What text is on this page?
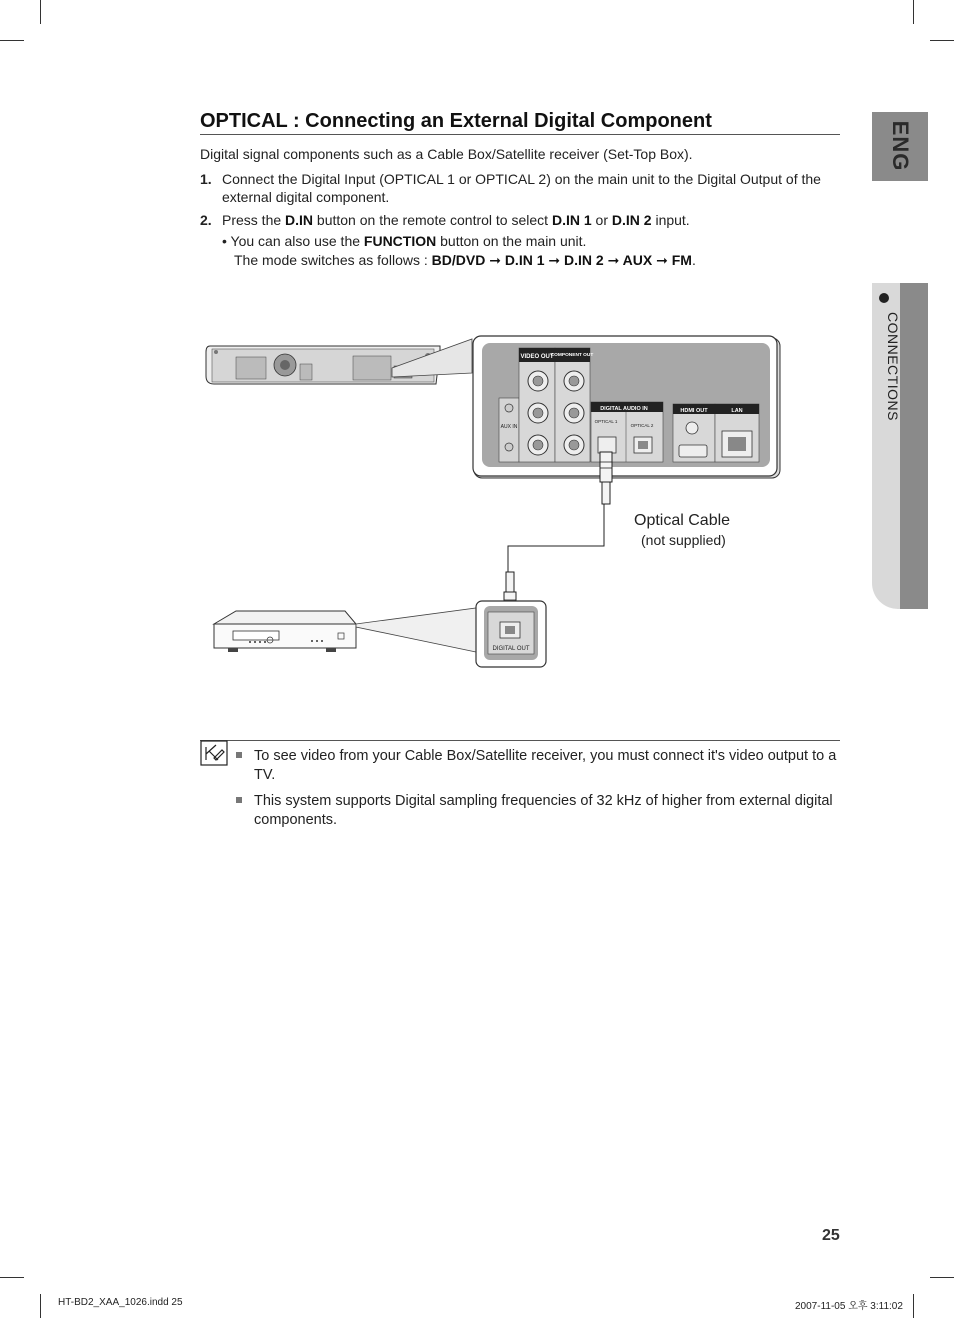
ENG
CONNECTIONS
OPTICAL : Connecting an External Digital Component

Digital signal components such as a Cable Box/Satellite receiver (Set-Top Box).

1. Connect the Digital Input (OPTICAL 1 or OPTICAL 2) on the main unit to the Digital Output of the external digital component.
2. Press the D.IN button on the remote control to select D.IN 1 or D.IN 2 input.
• You can also use the FUNCTION button on the main unit.
The mode switches as follows : BD/DVD ➞ D.IN 1 ➞ D.IN 2 ➞ AUX ➞ FM.
AUX IN
VIDEO OUT
COMPONENT OUT
DIGITAL AUDIO IN
OPTICAL 1
OPTICAL 2
HDMI OUT	LAN
DIGITAL OUT
Optical Cable
(not supplied)
To see video from your Cable Box/Satellite receiver, you must connect it's video output to a TV.
This system supports Digital sampling frequencies of 32 kHz of higher from external digital components.
25
HT-BD2_XAA_1026.indd 25	2007-11-05 오후 3:11:02
